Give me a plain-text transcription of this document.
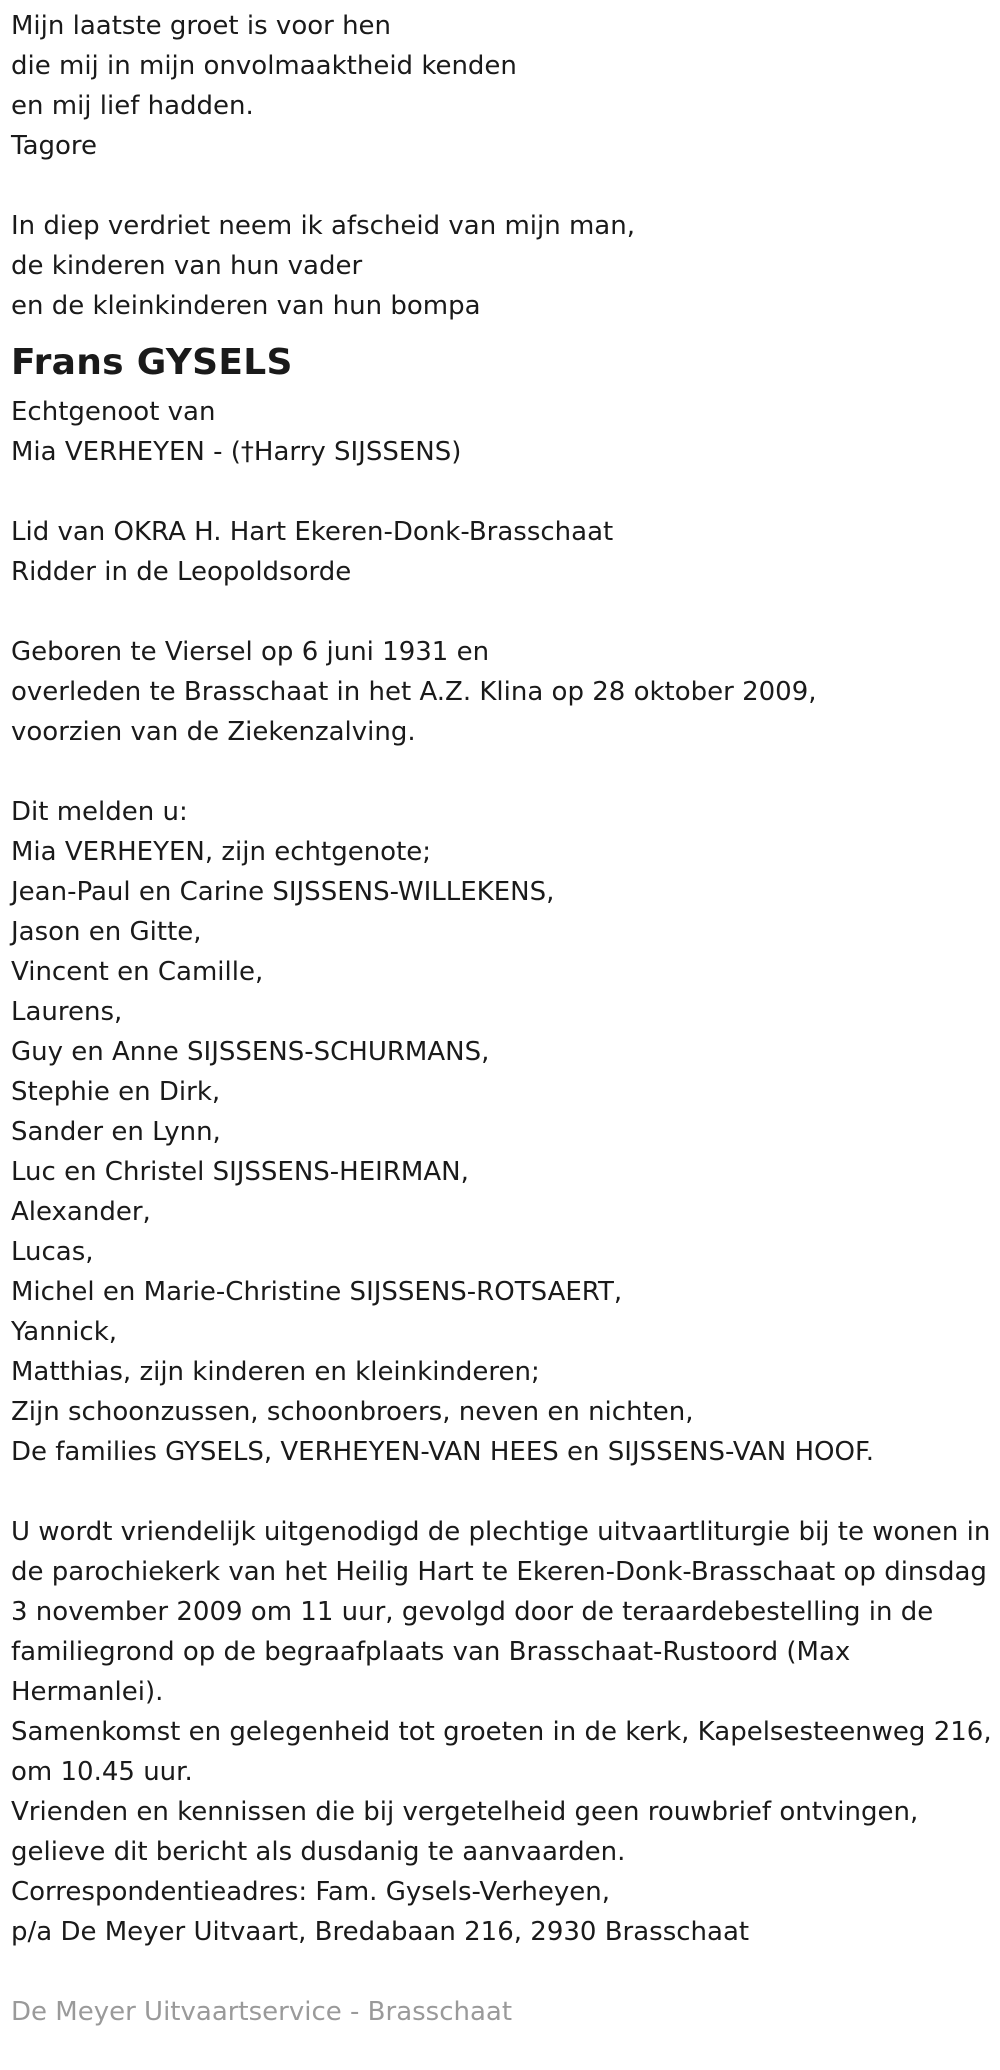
Mijn laatste groet is voor hen
die mij in mijn onvolmaaktheid kenden
en mij lief hadden.
Tagore
In diep verdriet neem ik afscheid van mijn man,
de kinderen van hun vader
en de kleinkinderen van hun bompa
Frans GYSELS
Echtgenoot van
Mia VERHEYEN - (†Harry SIJSSENS)
Lid van OKRA H. Hart Ekeren-Donk-Brasschaat
Ridder in de Leopoldsorde
Geboren te Viersel op 6 juni 1931 en
overleden te Brasschaat in het A.Z. Klina op 28 oktober 2009,
voorzien van de Ziekenzalving.
Dit melden u:
Mia VERHEYEN, zijn echtgenote;
Jean-Paul en Carine SIJSSENS-WILLEKENS,
Jason en Gitte,
Vincent en Camille,
Laurens,
Guy en Anne SIJSSENS-SCHURMANS,
Stephie en Dirk,
Sander en Lynn,
Luc en Christel SIJSSENS-HEIRMAN,
Alexander,
Lucas,
Michel en Marie-Christine SIJSSENS-ROTSAERT,
Yannick,
Matthias, zijn kinderen en kleinkinderen;
Zijn schoonzussen, schoonbroers, neven en nichten,
De families GYSELS, VERHEYEN-VAN HEES en SIJSSENS-VAN HOOF.
U wordt vriendelijk uitgenodigd de plechtige uitvaartliturgie bij te wonen in de parochiekerk van het Heilig Hart te Ekeren-Donk-Brasschaat op dinsdag 3 november 2009 om 11 uur, gevolgd door de teraardebestelling in de familiegrond op de begraafplaats van Brasschaat-Rustoord (Max Hermanlei).
Samenkomst en gelegenheid tot groeten in de kerk, Kapelsesteenweg 216, om 10.45 uur.
Vrienden en kennissen die bij vergetelheid geen rouwbrief ontvingen, gelieve dit bericht als dusdanig te aanvaarden.
Correspondentieadres: Fam. Gysels-Verheyen,
p/a De Meyer Uitvaart, Bredabaan 216, 2930 Brasschaat
De Meyer Uitvaartservice - Brasschaat
